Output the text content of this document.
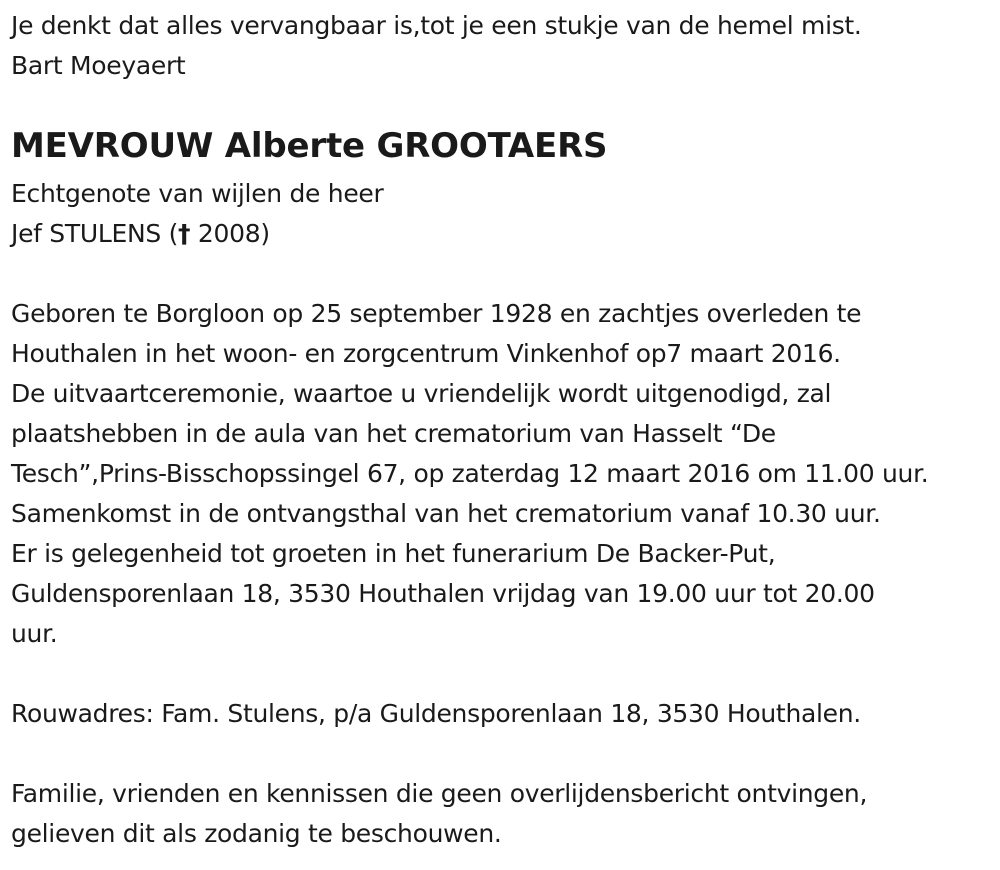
Je denkt dat alles vervangbaar is,tot je een stukje van de hemel mist.
Bart Moeyaert
MEVROUW Alberte GROOTAERS
Echtgenote van wijlen de heer
Jef STULENS († 2008)
Geboren te Borgloon op 25 september 1928 en zachtjes overleden te
Houthalen in het woon- en zorgcentrum Vinkenhof op7 maart 2016.
De uitvaartceremonie, waartoe u vriendelijk wordt uitgenodigd, zal
plaatshebben in de aula van het crematorium van Hasselt “De
Tesch”,Prins-Bisschopssingel 67, op zaterdag 12 maart 2016 om 11.00 uur.
Samenkomst in de ontvangsthal van het crematorium vanaf 10.30 uur.
Er is gelegenheid tot groeten in het funerarium De Backer-Put,
Guldensporenlaan 18, 3530 Houthalen vrijdag van 19.00 uur tot 20.00
uur.
Rouwadres: Fam. Stulens, p/a Guldensporenlaan 18, 3530 Houthalen.
Familie, vrienden en kennissen die geen overlijdensbericht ontvingen,
gelieven dit als zodanig te beschouwen.
